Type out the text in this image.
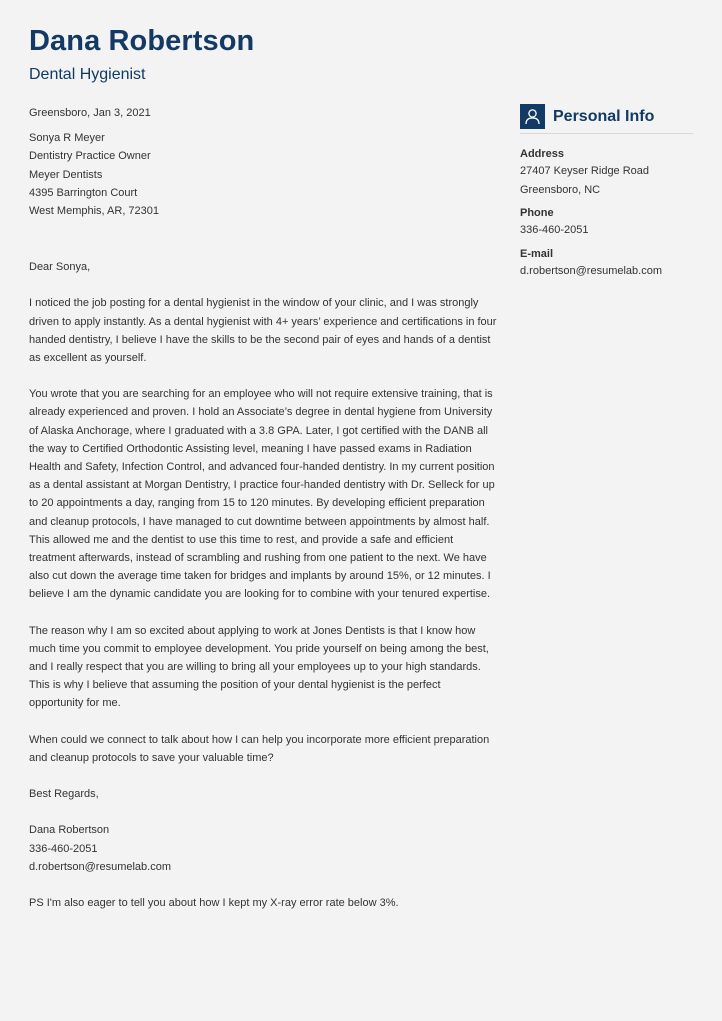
Dana Robertson
Dental Hygienist

Greensboro, Jan 3, 2021

Sonya R Meyer

Dentistry Practice Owner

Meyer Dentists

4395 Barrington Court

West Memphis, AR, 72301

Dear Sonya,

I noticed the job posting for a dental hygienist in the window of your clinic, and I was strongly driven to apply instantly. As a dental hygienist with 4+ years’ experience and certifications in four handed dentistry, I believe I have the skills to be the second pair of eyes and hands of a dentist as excellent as yourself.

You wrote that you are searching for an employee who will not require extensive training, that is already experienced and proven. I hold an Associate’s degree in dental hygiene from University of Alaska Anchorage, where I graduated with a 3.8 GPA. Later, I got certified with the DANB all the way to Certified Orthodontic Assisting level, meaning I have passed exams in Radiation Health and Safety, Infection Control, and advanced four-handed dentistry. In my current position as a dental assistant at Morgan Dentistry, I practice four-handed dentistry with Dr. Selleck for up to 20 appointments a day, ranging from 15 to 120 minutes. By developing efficient preparation and cleanup protocols, I have managed to cut downtime between appointments by almost half. This allowed me and the dentist to use this time to rest, and provide a safe and efficient treatment afterwards, instead of scrambling and rushing from one patient to the next. We have also cut down the average time taken for bridges and implants by around 15%, or 12 minutes. I believe I am the dynamic candidate you are looking for to combine with your tenured expertise.

The reason why I am so excited about applying to work at Jones Dentists is that I know how much time you commit to employee development. You pride yourself on being among the best, and I really respect that you are willing to bring all your employees up to your high standards. This is why I believe that assuming the position of your dental hygienist is the perfect opportunity for me.

When could we connect to talk about how I can help you incorporate more efficient preparation and cleanup protocols to save your valuable time?

Best Regards,

Dana Robertson

336-460-2051

d.robertson@resumelab.com

PS I'm also eager to tell you about how I kept my X-ray error rate below 3%.

Personal Info
Address
27407 Keyser Ridge Road
Greensboro, NC
Phone
336-460-2051
E-mail
d.robertson@resumelab.com
